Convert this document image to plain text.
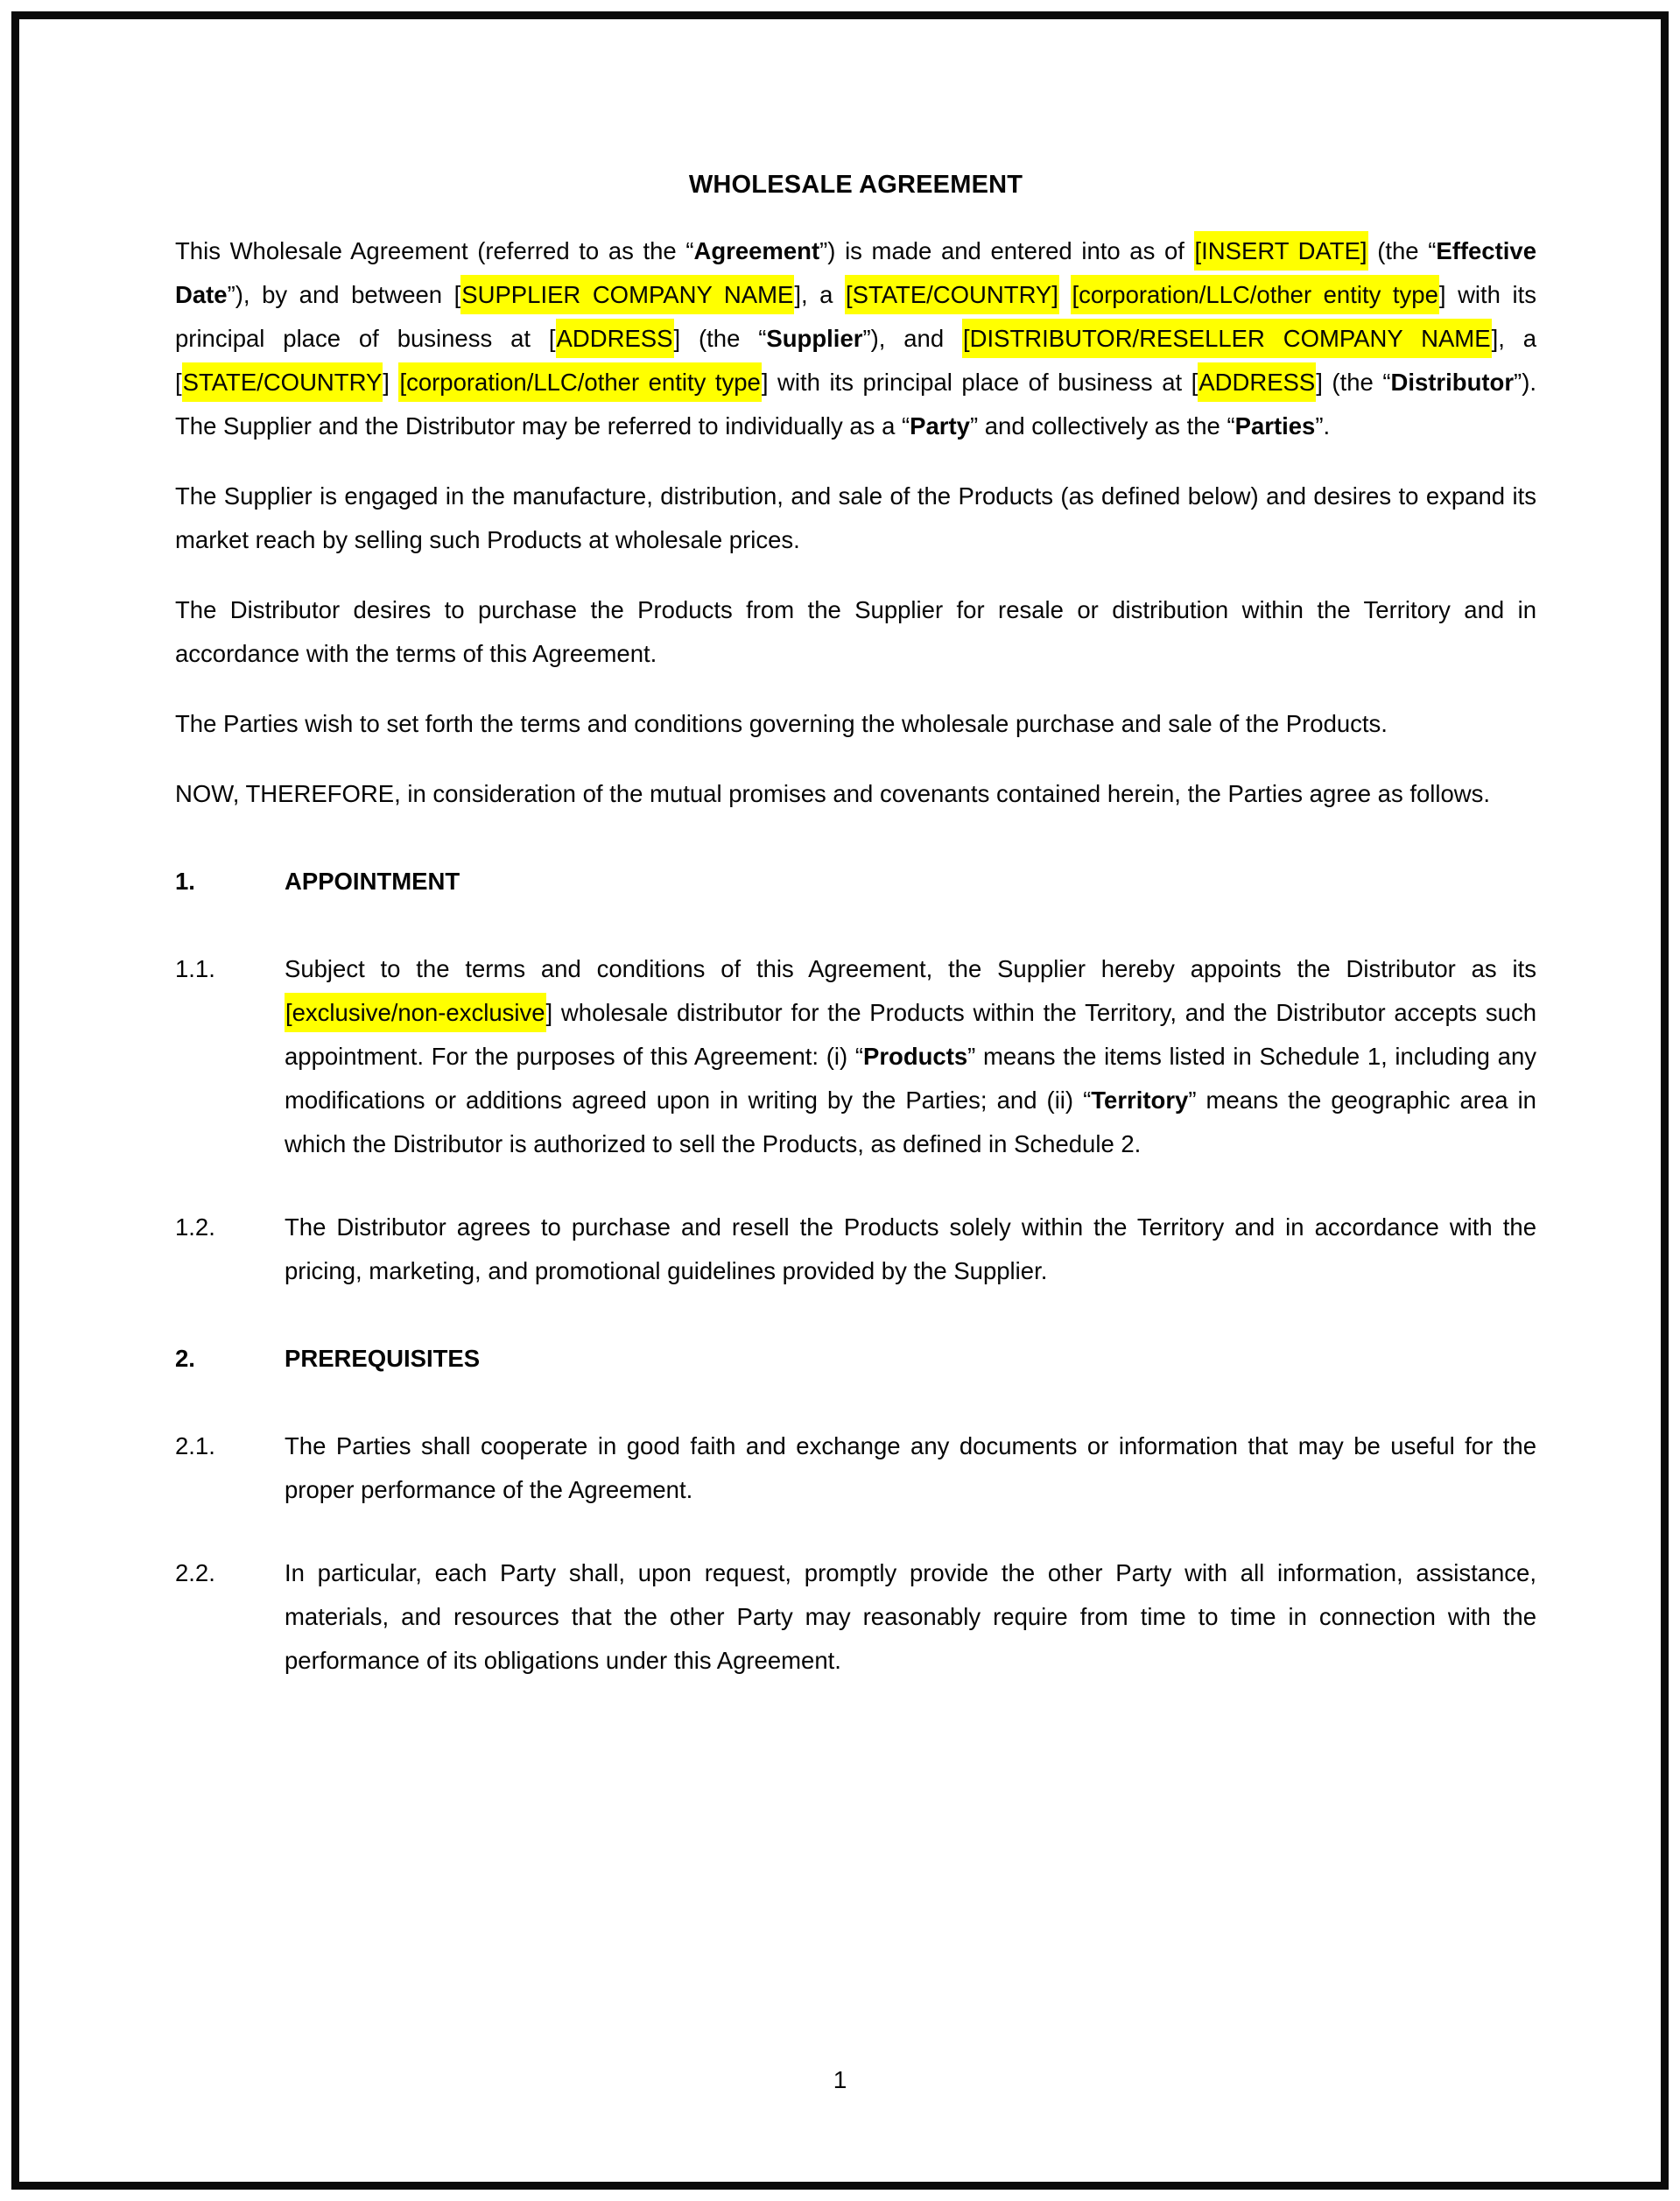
WHOLESALE AGREEMENT
This Wholesale Agreement (referred to as the “Agreement”) is made and entered into as of [INSERT DATE] (the “Effective Date”), by and between [SUPPLIER COMPANY NAME], a [STATE/COUNTRY] [corporation/LLC/other entity type] with its principal place of business at [ADDRESS] (the “Supplier”), and [DISTRIBUTOR/RESELLER COMPANY NAME], a [STATE/COUNTRY] [corporation/LLC/other entity type] with its principal place of business at [ADDRESS] (the “Distributor”). The Supplier and the Distributor may be referred to individually as a “Party” and collectively as the “Parties”.
The Supplier is engaged in the manufacture, distribution, and sale of the Products (as defined below) and desires to expand its market reach by selling such Products at wholesale prices.
The Distributor desires to purchase the Products from the Supplier for resale or distribution within the Territory and in accordance with the terms of this Agreement.
The Parties wish to set forth the terms and conditions governing the wholesale purchase and sale of the Products.
NOW, THEREFORE, in consideration of the mutual promises and covenants contained herein, the Parties agree as follows.
1.	APPOINTMENT
1.1.	Subject to the terms and conditions of this Agreement, the Supplier hereby appoints the Distributor as its [exclusive/non-exclusive] wholesale distributor for the Products within the Territory, and the Distributor accepts such appointment. For the purposes of this Agreement: (i) “Products” means the items listed in Schedule 1, including any modifications or additions agreed upon in writing by the Parties; and (ii) “Territory” means the geographic area in which the Distributor is authorized to sell the Products, as defined in Schedule 2.
1.2.	The Distributor agrees to purchase and resell the Products solely within the Territory and in accordance with the pricing, marketing, and promotional guidelines provided by the Supplier.
2.	PREREQUISITES
2.1.	The Parties shall cooperate in good faith and exchange any documents or information that may be useful for the proper performance of the Agreement.
2.2.	In particular, each Party shall, upon request, promptly provide the other Party with all information, assistance, materials, and resources that the other Party may reasonably require from time to time in connection with the performance of its obligations under this Agreement.
1
